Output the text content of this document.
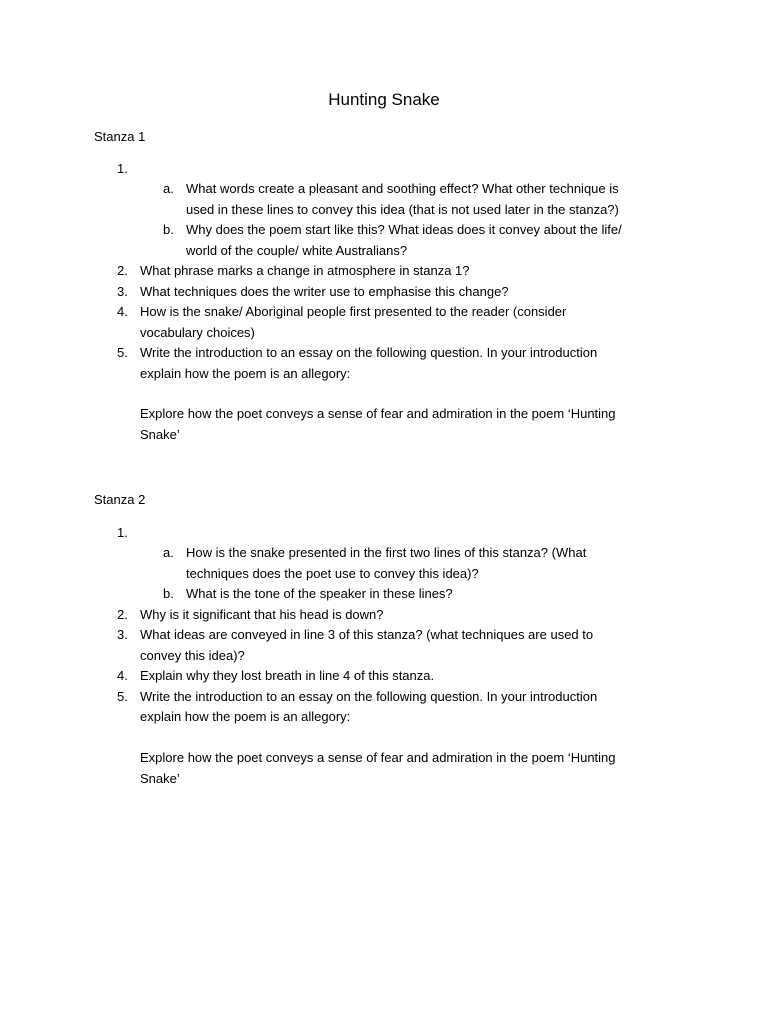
Hunting Snake
Stanza 1
1.
a. What words create a pleasant and soothing effect? What other technique is
used in these lines to convey this idea (that is not used later in the stanza?)
b. Why does the poem start like this? What ideas does it convey about the life/
world of the couple/ white Australians?
2. What phrase marks a change in atmosphere in stanza 1?
3. What techniques does the writer use to emphasise this change?
4. How is the snake/ Aboriginal people first presented to the reader (consider
vocabulary choices)
5. Write the introduction to an essay on the following question. In your introduction
explain how the poem is an allegory:
Explore how the poet conveys a sense of fear and admiration in the poem ‘Hunting
Snake’
Stanza 2
1.
a. How is the snake presented in the first two lines of this stanza? (What
techniques does the poet use to convey this idea)?
b. What is the tone of the speaker in these lines?
2. Why is it significant that his head is down?
3. What ideas are conveyed in line 3 of this stanza? (what techniques are used to
convey this idea)?
4. Explain why they lost breath in line 4 of this stanza.
5. Write the introduction to an essay on the following question. In your introduction
explain how the poem is an allegory:
Explore how the poet conveys a sense of fear and admiration in the poem ‘Hunting
Snake’
